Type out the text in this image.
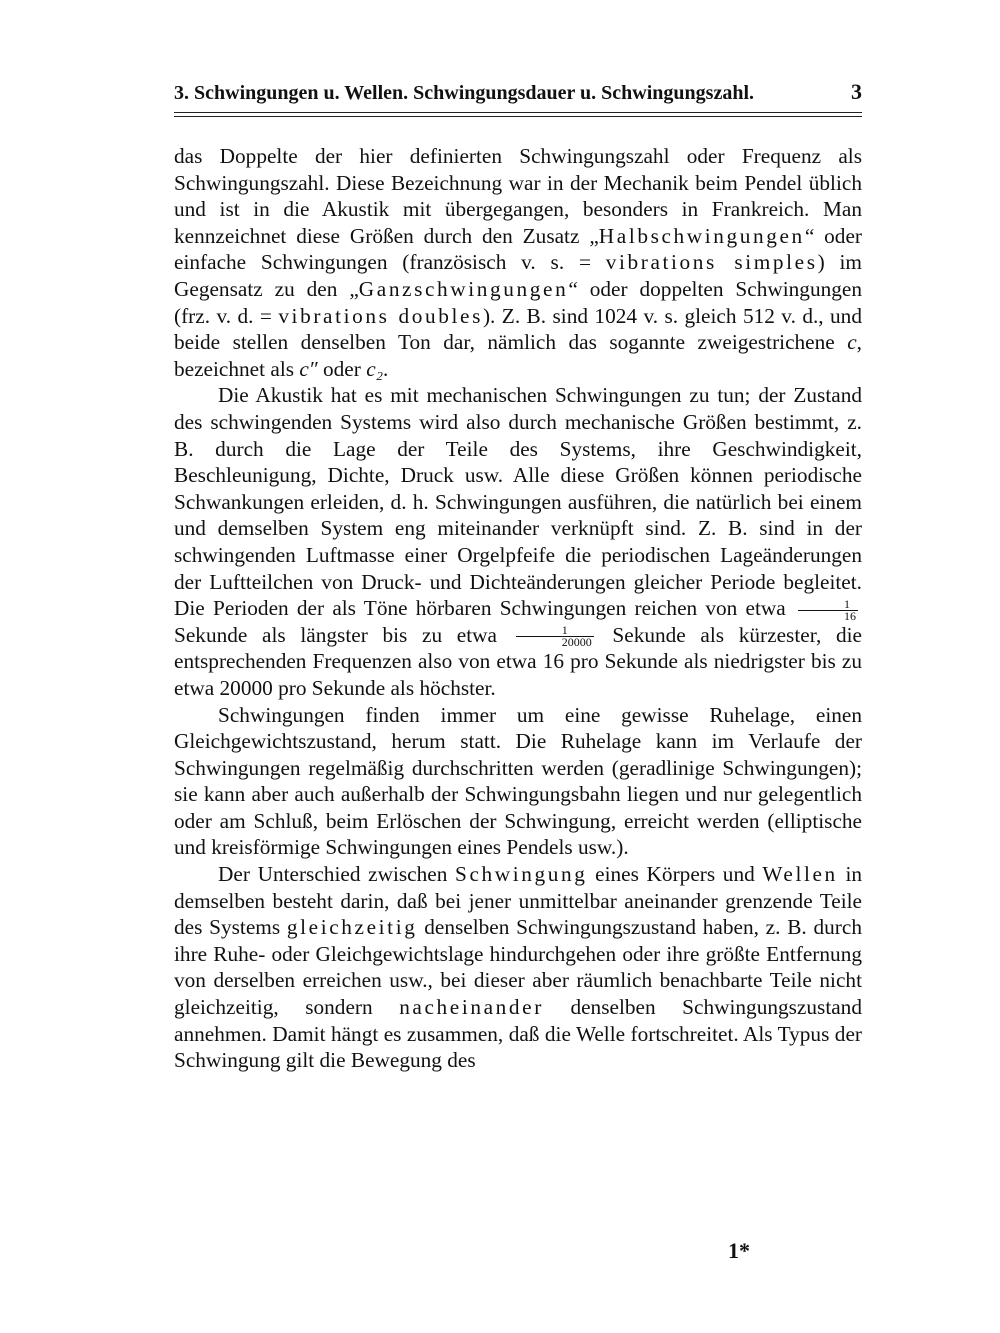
3. Schwingungen u. Wellen. Schwingungsdauer u. Schwingungszahl.	3

das Doppelte der hier definierten Schwingungszahl oder Frequenz als Schwingungszahl. Diese Bezeichnung war in der Mechanik beim Pendel üblich und ist in die Akustik mit übergegangen, besonders in Frankreich. Man kennzeichnet diese Größen durch den Zusatz „Halbschwingungen“ oder einfache Schwingungen (französisch v. s. = vibrations simples) im Gegensatz zu den „Ganzschwingungen“ oder doppelten Schwingungen (frz. v. d. = vibrations doubles). Z. B. sind 1024 v. s. gleich 512 v. d., und beide stellen denselben Ton dar, nämlich das sogannte zweigestrichene c, bezeichnet als c″ oder c₂.

Die Akustik hat es mit mechanischen Schwingungen zu tun; der Zustand des schwingenden Systems wird also durch mechanische Größen bestimmt, z. B. durch die Lage der Teile des Systems, ihre Geschwindigkeit, Beschleunigung, Dichte, Druck usw. Alle diese Größen können periodische Schwankungen erleiden, d. h. Schwingungen ausführen, die natürlich bei einem und demselben System eng miteinander verknüpft sind. Z. B. sind in der schwingenden Luftmasse einer Orgelpfeife die periodischen Lageänderungen der Luftteilchen von Druck- und Dichteänderungen gleicher Periode begleitet. Die Perioden der als Töne hörbaren Schwingungen reichen von etwa $\frac{1}{16}$
Sekunde als längster bis zu etwa $\frac{1}{20000}$ Sekunde als kürzester, die entsprechenden Frequenzen also von etwa 16 pro Sekunde als niedrigster bis zu etwa 20000 pro Sekunde als höchster.

Schwingungen finden immer um eine gewisse Ruhelage, einen Gleichgewichtszustand, herum statt. Die Ruhelage kann im Verlaufe der Schwingungen regelmäßig durchschritten werden (geradlinige Schwingungen); sie kann aber auch außerhalb der Schwingungsbahn liegen und nur gelegentlich oder am Schluß, beim Erlöschen der Schwingung, erreicht werden (elliptische und kreisförmige Schwingungen eines Pendels usw.).

Der Unterschied zwischen Schwingung eines Körpers und Wellen in demselben besteht darin, daß bei jener unmittelbar aneinander grenzende Teile des Systems gleichzeitig denselben Schwingungszustand haben, z. B. durch ihre Ruhe- oder Gleichgewichtslage hindurchgehen oder ihre größte Entfernung von derselben erreichen usw., bei dieser aber räumlich benachbarte Teile nicht gleichzeitig, sondern nacheinander denselben Schwingungszustand annehmen. Damit hängt es zusammen, daß die Welle fortschreitet. Als Typus der Schwingung gilt die Bewegung des

1*
